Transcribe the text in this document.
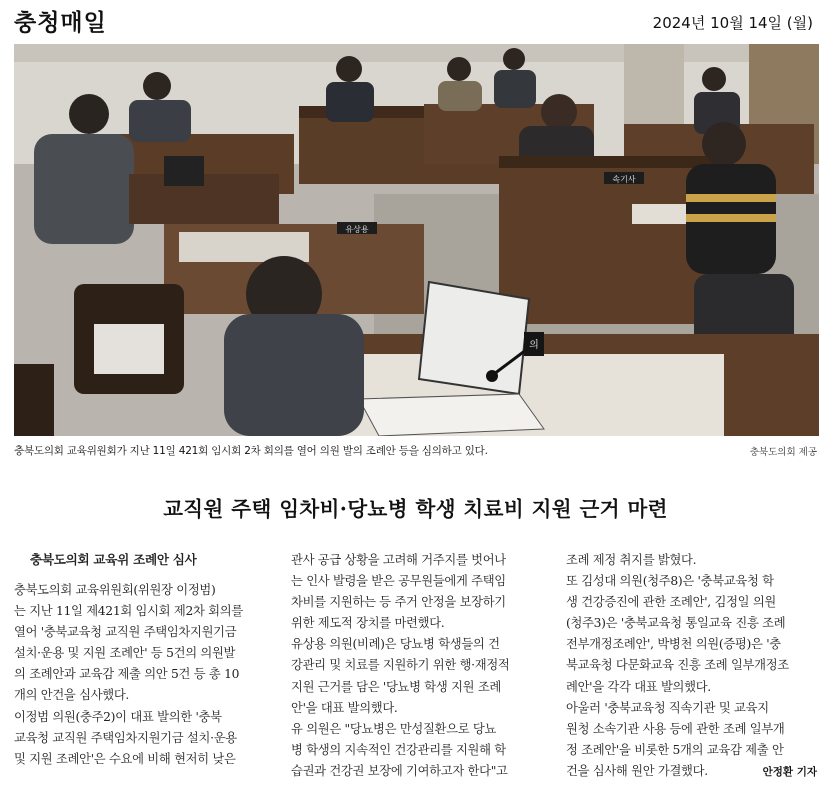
충청매일	2024년 10월 14일 (월)
속기사
유상용
의
충북도의회 교육위원회가 지난 11일 421회 임시회 2차 회의를 열어 의원 발의 조례안 등을 심의하고 있다.	충북도의회 제공
교직원 주택 임차비·당뇨병 학생 치료비 지원 근거 마련

충북도의회 교육위 조례안 심사

충북도의회 교육위원회(위원장 이정범)

는 지난 11일 제421회 임시회 제2차 회의를

열어 '충북교육청 교직원 주택임차지원기금

설치·운용 및 지원 조례안' 등 5건의 의원발

의 조례안과 교육감 제출 의안 5건 등 총 10

개의 안건을 심사했다.

이정범 의원(충주2)이 대표 발의한 '충북

교육청 교직원 주택임차지원기금 설치·운용

및 지원 조례안'은 수요에 비해 현저히 낮은

관사 공급 상황을 고려해 거주지를 벗어나

는 인사 발령을 받은 공무원들에게 주택임

차비를 지원하는 등 주거 안정을 보장하기

위한 제도적 장치를 마련했다.

유상용 의원(비례)은 당뇨병 학생들의 건

강관리 및 치료를 지원하기 위한 행·재정적

지원 근거를 담은 '당뇨병 학생 지원 조례

안'을 대표 발의했다.

유 의원은 "당뇨병은 만성질환으로 당뇨

병 학생의 지속적인 건강관리를 지원해 학

습권과 건강권 보장에 기여하고자 한다"고

조례 제정 취지를 밝혔다.

또 김성대 의원(청주8)은 '충북교육청 학

생 건강증진에 관한 조례안', 김정일 의원

(청주3)은 '충북교육청 통일교육 진흥 조례

전부개정조례안', 박병천 의원(증평)은 '충

북교육청 다문화교육 진흥 조례 일부개정조

례안'을 각각 대표 발의했다.

아울러 '충북교육청 직속기관 및 교육지

원청 소속기관 사용 등에 관한 조례 일부개

정 조례안'을 비롯한 5개의 교육감 제출 안

건을 심사해 원안 가결했다.	안정환 기자
